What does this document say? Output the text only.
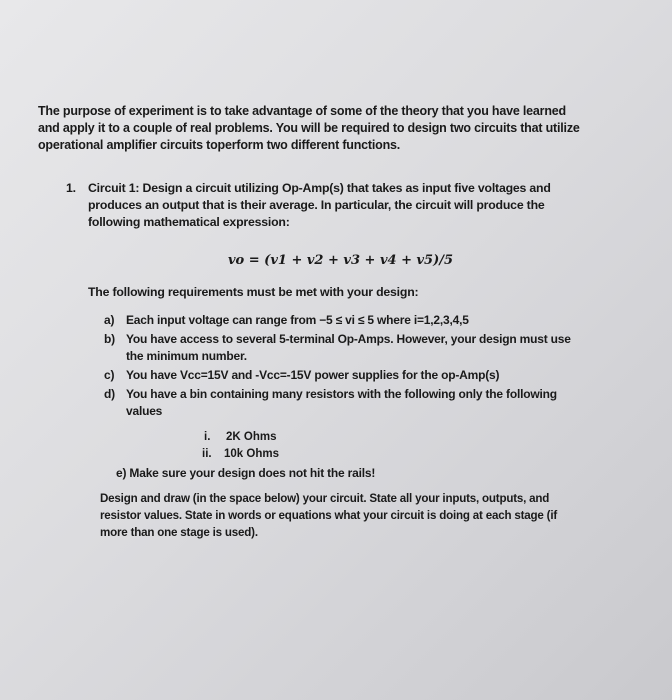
The purpose of experiment is to take advantage of some of the theory that you have learned
and apply it to a couple of real problems. You will be required to design two circuits that utilize
operational amplifier circuits toperform two different functions.
1. Circuit 1: Design a circuit utilizing Op-Amp(s) that takes as input five voltages and
produces an output that is their average. In particular, the circuit will produce the
following mathematical expression:
vo = (v1 + v2 + v3 + v4 + v5)/5
The following requirements must be met with your design:
a) Each input voltage can range from −5 ≤ vi ≤ 5 where i=1,2,3,4,5
b) You have access to several 5-terminal Op-Amps. However, your design must use
the minimum number.
c) You have Vcc=15V and -Vcc=-15V power supplies for the op-Amp(s)
d) You have a bin containing many resistors with the following only the following
values
i. 2K Ohms
ii. 10k Ohms
e) Make sure your design does not hit the rails!
Design and draw (in the space below) your circuit. State all your inputs, outputs, and
resistor values. State in words or equations what your circuit is doing at each stage (if
more than one stage is used).
